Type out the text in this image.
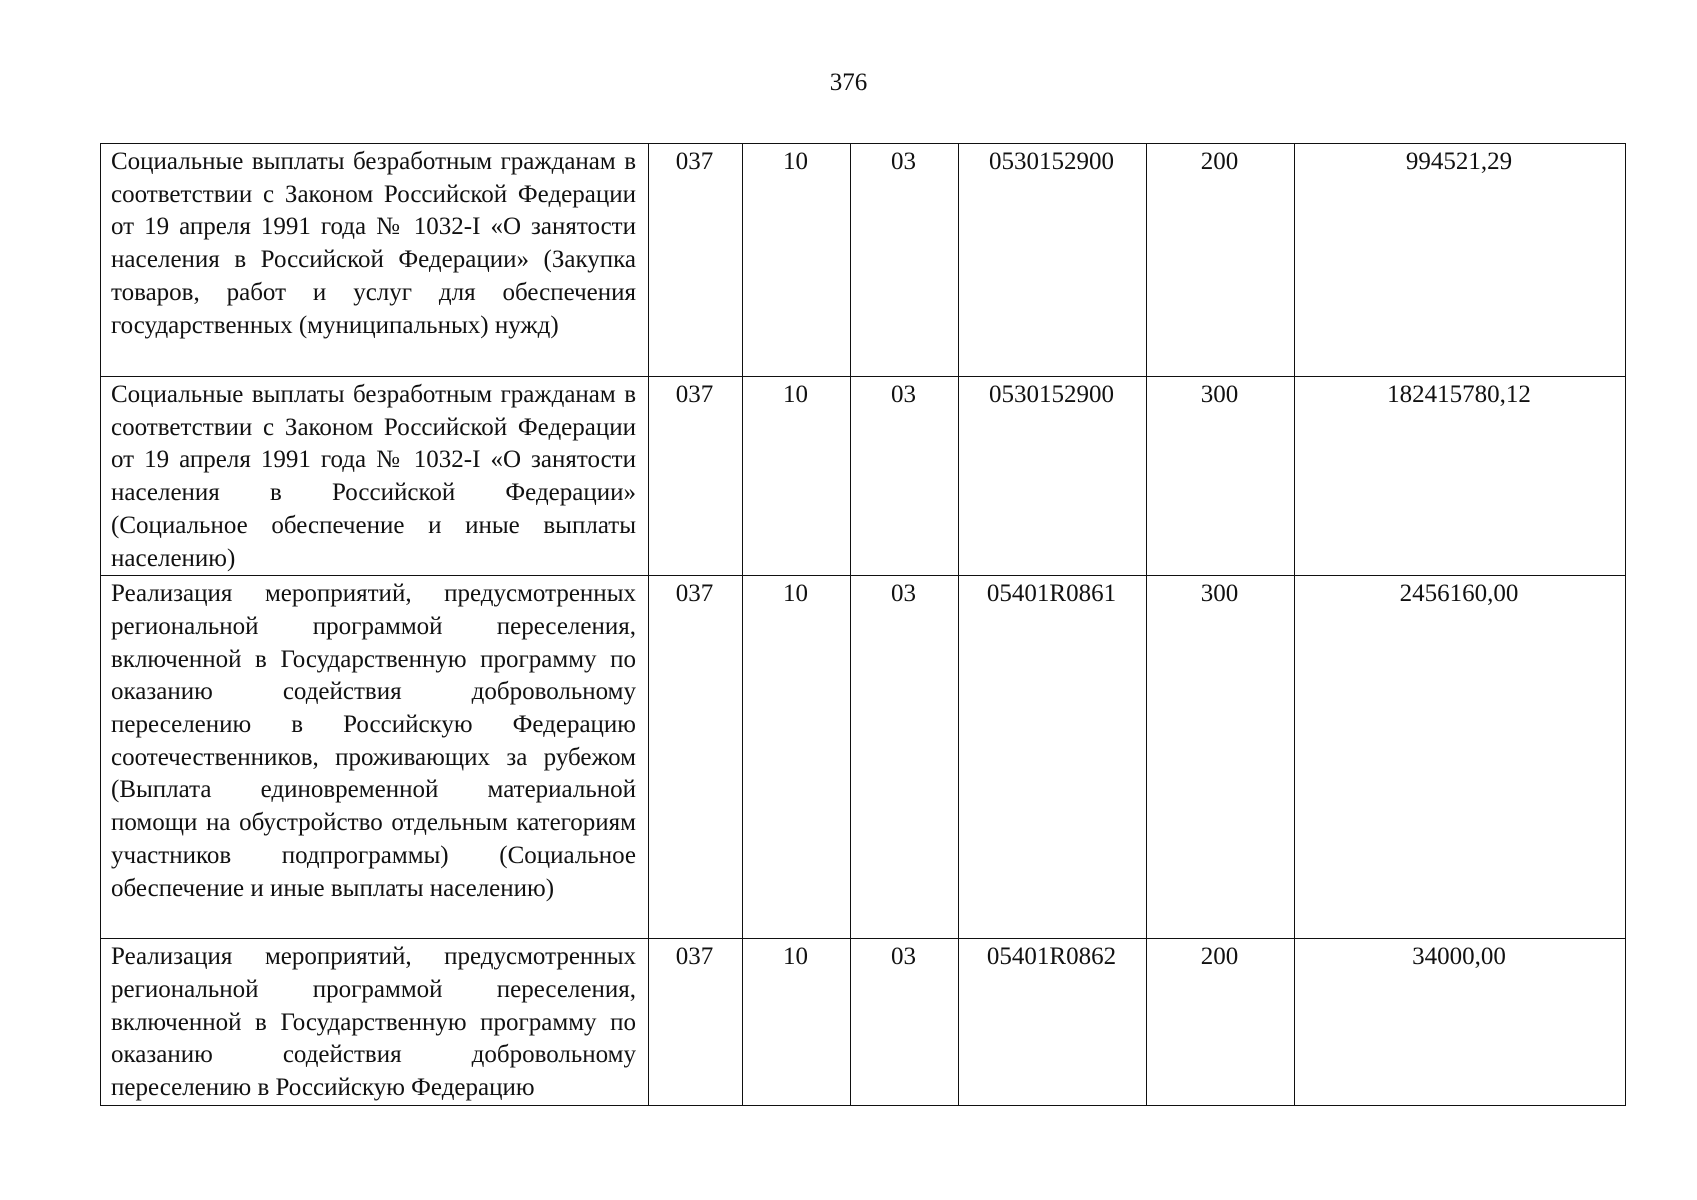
376
Социальные выплаты безработным гражданам в соответствии с Законом Российской Федерации от 19 апреля 1991 года № 1032-I «О занятости населения в Российской Федерации» (Закупка товаров, работ и услуг для обеспечения государственных (муниципальных) нужд)	037	10	03	0530152900	200	994521,29
Социальные выплаты безработным гражданам в соответствии с Законом Российской Федерации от 19 апреля 1991 года № 1032-I «О занятости населения в Российской Федерации» (Социальное обеспечение и иные выплаты населению)	037	10	03	0530152900	300	182415780,12
Реализация мероприятий, предусмотренных региональной программой переселения, включенной в Государственную программу по оказанию содействия добровольному переселению в Российскую Федерацию соотечественников, проживающих за рубежом (Выплата единовременной материальной помощи на обустройство отдельным категориям участников подпрограммы) (Социальное обеспечение и иные выплаты населению)	037	10	03	05401R0861	300	2456160,00
Реализация мероприятий, предусмотренных региональной программой переселения, включенной в Государственную программу по оказанию содействия добровольному переселению в Российскую Федерацию	037	10	03	05401R0862	200	34000,00
